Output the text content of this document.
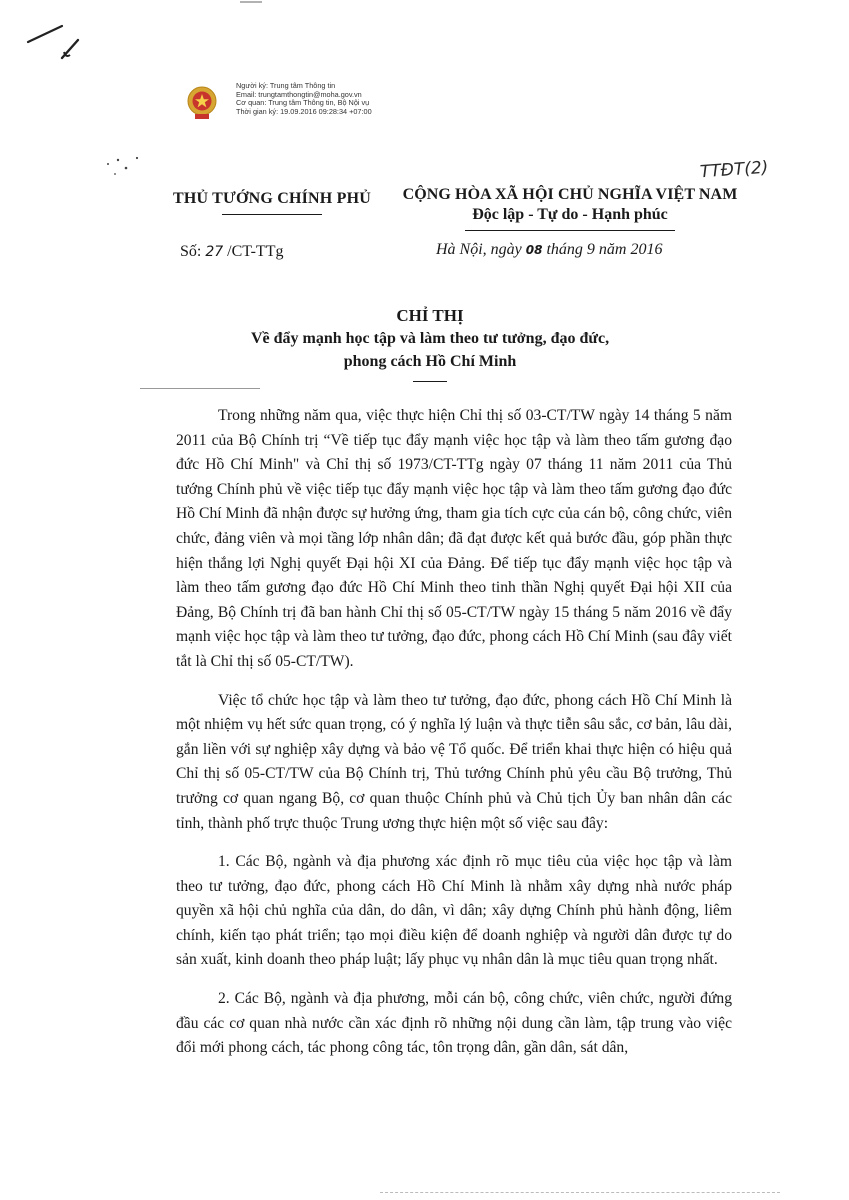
Người ký: Trung tâm Thông tin
Email: trungtamthongtin@moha.gov.vn
Cơ quan: Trung tâm Thông tin, Bộ Nội vụ
Thời gian ký: 19.09.2016 09:28:34 +07:00
TTĐT(2)
THỦ TƯỚNG CHÍNH PHỦ	CỘNG HÒA XÃ HỘI CHỦ NGHĨA VIỆT NAM
Độc lập - Tự do - Hạnh phúc
Số: 27 /CT-TTg	Hà Nội, ngày 08 tháng 9 năm 2016
CHỈ THỊ
Về đẩy mạnh học tập và làm theo tư tưởng, đạo đức,
phong cách Hồ Chí Minh

Trong những năm qua, việc thực hiện Chỉ thị số 03-CT/TW ngày 14 tháng 5 năm 2011 của Bộ Chính trị “Về tiếp tục đẩy mạnh việc học tập và làm theo tấm gương đạo đức Hồ Chí Minh" và Chỉ thị số 1973/CT-TTg ngày 07 tháng 11 năm 2011 của Thủ tướng Chính phủ về việc tiếp tục đẩy mạnh việc học tập và làm theo tấm gương đạo đức Hồ Chí Minh đã nhận được sự hưởng ứng, tham gia tích cực của cán bộ, công chức, viên chức, đảng viên và mọi tầng lớp nhân dân; đã đạt được kết quả bước đầu, góp phần thực hiện thắng lợi Nghị quyết Đại hội XI của Đảng. Để tiếp tục đẩy mạnh việc học tập và làm theo tấm gương đạo đức Hồ Chí Minh theo tinh thần Nghị quyết Đại hội XII của Đảng, Bộ Chính trị đã ban hành Chỉ thị số 05-CT/TW ngày 15 tháng 5 năm 2016 về đẩy mạnh việc học tập và làm theo tư tưởng, đạo đức, phong cách Hồ Chí Minh (sau đây viết tắt là Chỉ thị số 05-CT/TW).

Việc tổ chức học tập và làm theo tư tưởng, đạo đức, phong cách Hồ Chí Minh là một nhiệm vụ hết sức quan trọng, có ý nghĩa lý luận và thực tiễn sâu sắc, cơ bản, lâu dài, gắn liền với sự nghiệp xây dựng và bảo vệ Tổ quốc. Để triển khai thực hiện có hiệu quả Chỉ thị số 05-CT/TW của Bộ Chính trị, Thủ tướng Chính phủ yêu cầu Bộ trưởng, Thủ trưởng cơ quan ngang Bộ, cơ quan thuộc Chính phủ và Chủ tịch Ủy ban nhân dân các tỉnh, thành phố trực thuộc Trung ương thực hiện một số việc sau đây:

1. Các Bộ, ngành và địa phương xác định rõ mục tiêu của việc học tập và làm theo tư tưởng, đạo đức, phong cách Hồ Chí Minh là nhằm xây dựng nhà nước pháp quyền xã hội chủ nghĩa của dân, do dân, vì dân; xây dựng Chính phủ hành động, liêm chính, kiến tạo phát triển; tạo mọi điều kiện để doanh nghiệp và người dân được tự do sản xuất, kinh doanh theo pháp luật; lấy phục vụ nhân dân là mục tiêu quan trọng nhất.

2. Các Bộ, ngành và địa phương, mỗi cán bộ, công chức, viên chức, người đứng đầu các cơ quan nhà nước cần xác định rõ những nội dung cần làm, tập trung vào việc đổi mới phong cách, tác phong công tác, tôn trọng dân, gần dân, sát dân,
